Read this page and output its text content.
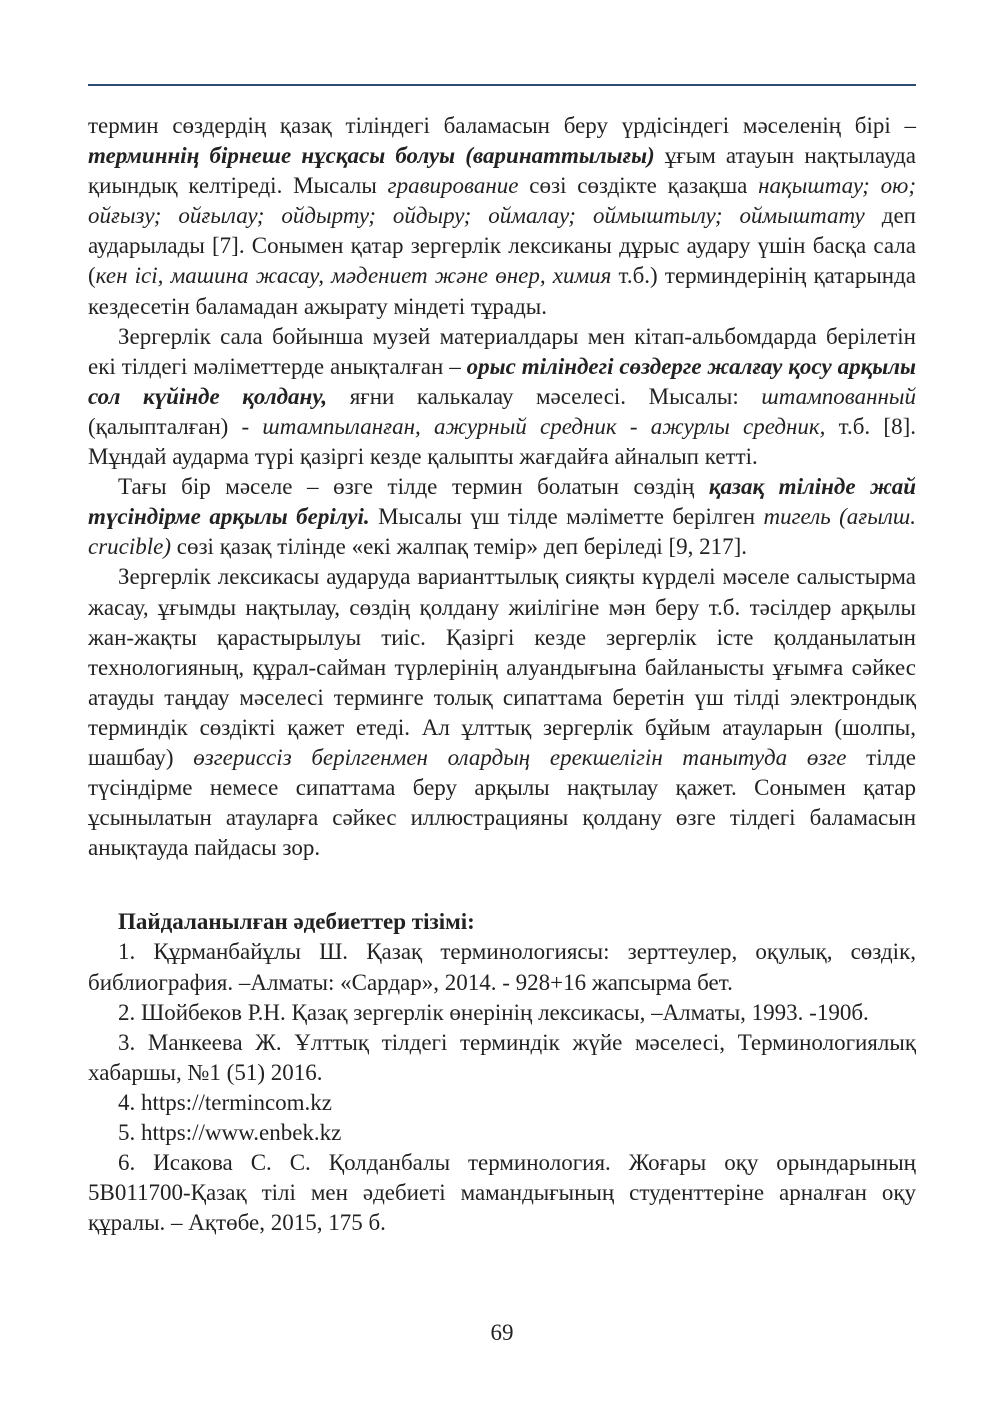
термин сөздердің қазақ тіліндегі баламасын беру үрдісіндегі мәселенің бірі – терминнің бірнеше нұсқасы болуы (варинаттылығы) ұғым атауын нақтылауда қиындық келтіреді. Мысалы гравирование сөзі сөздікте қазақша нақыштау; ою; ойғызу; ойғылау; ойдырту; ойдыру; оймалау; оймыштылу; оймыштату деп аударылады [7]. Сонымен қатар зергерлік лексиканы дұрыс аудару үшін басқа сала (кен ісі, машина жасау, мәдениет және өнер, химия т.б.) терминдерінің қатарында кездесетін баламадан ажырату міндеті тұрады.

Зергерлік сала бойынша музей материалдары мен кітап-альбомдарда берілетін екі тілдегі мәліметтерде анықталған – орыс тіліндегі сөздерге жалғау қосу арқылы сол күйінде қолдану, яғни калькалау мәселесі. Мысалы: штампованный (қалыпталған) - штампыланған, ажурный средник - ажурлы средник, т.б. [8]. Мұндай аударма түрі қазіргі кезде қалыпты жағдайға айналып кетті.

Тағы бір мәселе – өзге тілде термин болатын сөздің қазақ тілінде жай түсіндірме арқылы берілуі. Мысалы үш тілде мәліметте берілген тигель (ағылш. crucible) сөзі қазақ тілінде «екі жалпақ темір» деп беріледі [9, 217].

Зергерлік лексикасы аударуда варианттылық сияқты күрделі мәселе салыстырма жасау, ұғымды нақтылау, сөздің қолдану жиілігіне мән беру т.б. тәсілдер арқылы жан-жақты қарастырылуы тиіс. Қазіргі кезде зергерлік істе қолданылатын технологияның, құрал-сайман түрлерінің алуандығына байланысты ұғымға сәйкес атауды таңдау мәселесі терминге толық сипаттама беретін үш тілді электрондық терминдік сөздікті қажет етеді. Ал ұлттық зергерлік бұйым атауларын (шолпы, шашбау) өзгериссіз берілгенмен олардың ерекшелігін танытуда өзге тілде түсіндірме немесе сипаттама беру арқылы нақтылау қажет. Сонымен қатар ұсынылатын атауларға сәйкес иллюстрацияны қолдану өзге тілдегі баламасын анықтауда пайдасы зор.

Пайдаланылған әдебиеттер тізімі:

1. Құрманбайұлы Ш. Қазақ терминологиясы: зерттеулер, оқулық, сөздік, библиография. –Алматы: «Сардар», 2014. - 928+16 жапсырма бет.

2. Шойбеков Р.Н. Қазақ зергерлік өнерінің лексикасы, –Алматы, 1993. -190б.

3. Манкеева Ж. Ұлттық тілдегі терминдік жүйе мәселесі, Терминологиялық хабаршы, №1 (51) 2016.

4. https://termincom.kz

5. https://www.enbek.kz

6. Исакова С. С. Қолданбалы терминология. Жоғары оқу орындарының 5В011700-Қазақ тілі мен әдебиеті мамандығының студенттеріне арналған оқу құралы. – Ақтөбе, 2015, 175 б.

69
